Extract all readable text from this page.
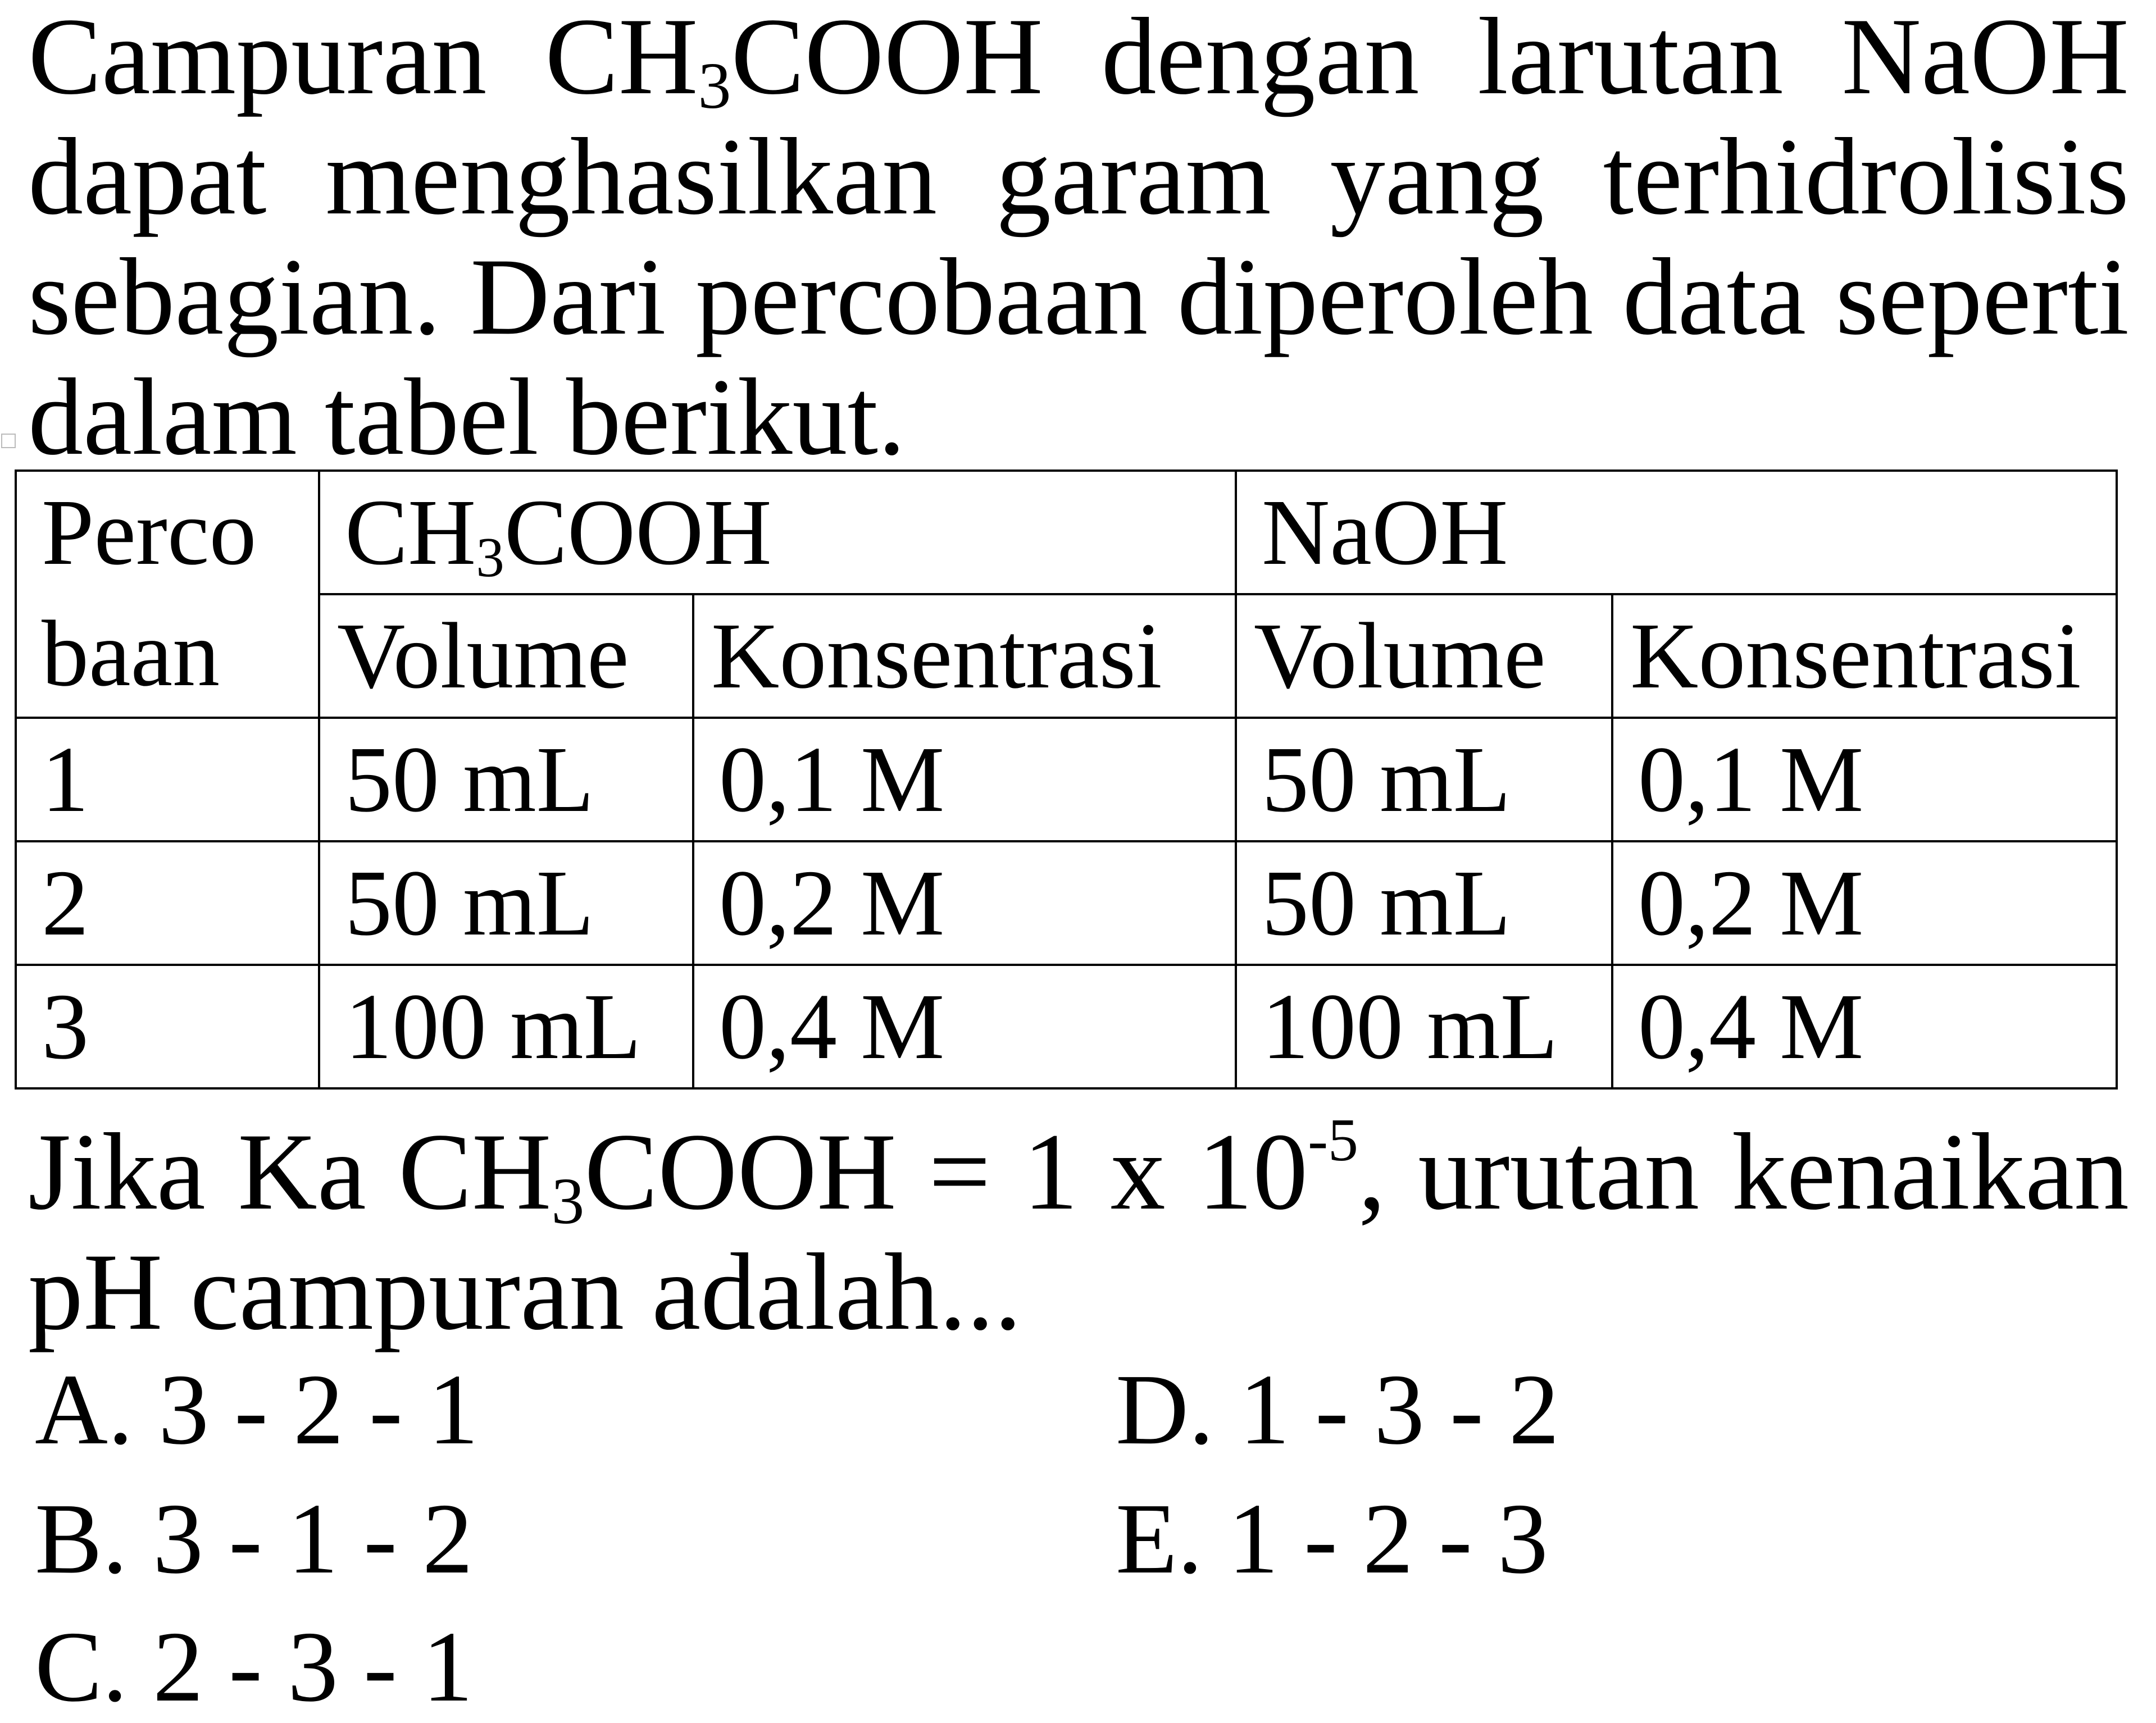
Campuran $CH_3COOH$ dengan larutan NaOH dapat menghasilkan garam yang terhidrolisis sebagian. Dari percobaan diperoleh data seperti dalam tabel berikut.

Perco
baan	$CH_3COOH$		NaOH	
	Volume	Konsentrasi	Volume	Konsentrasi
1	50 mL	0,1 M	50 mL	0,1 M
2	50 mL	0,2 M	50 mL	0,2 M
3	100 mL	0,4 M	100 mL	0,4 M

Jika Ka $CH_3COOH = 1$ x $10^{-5}$, urutan kenaikan pH campuran adalah...

A. 3 - 2 - 1
B. 3 - 1 - 2
C. 2 - 3 - 1
D. 1 - 3 - 2
E. 1 - 2 - 3
